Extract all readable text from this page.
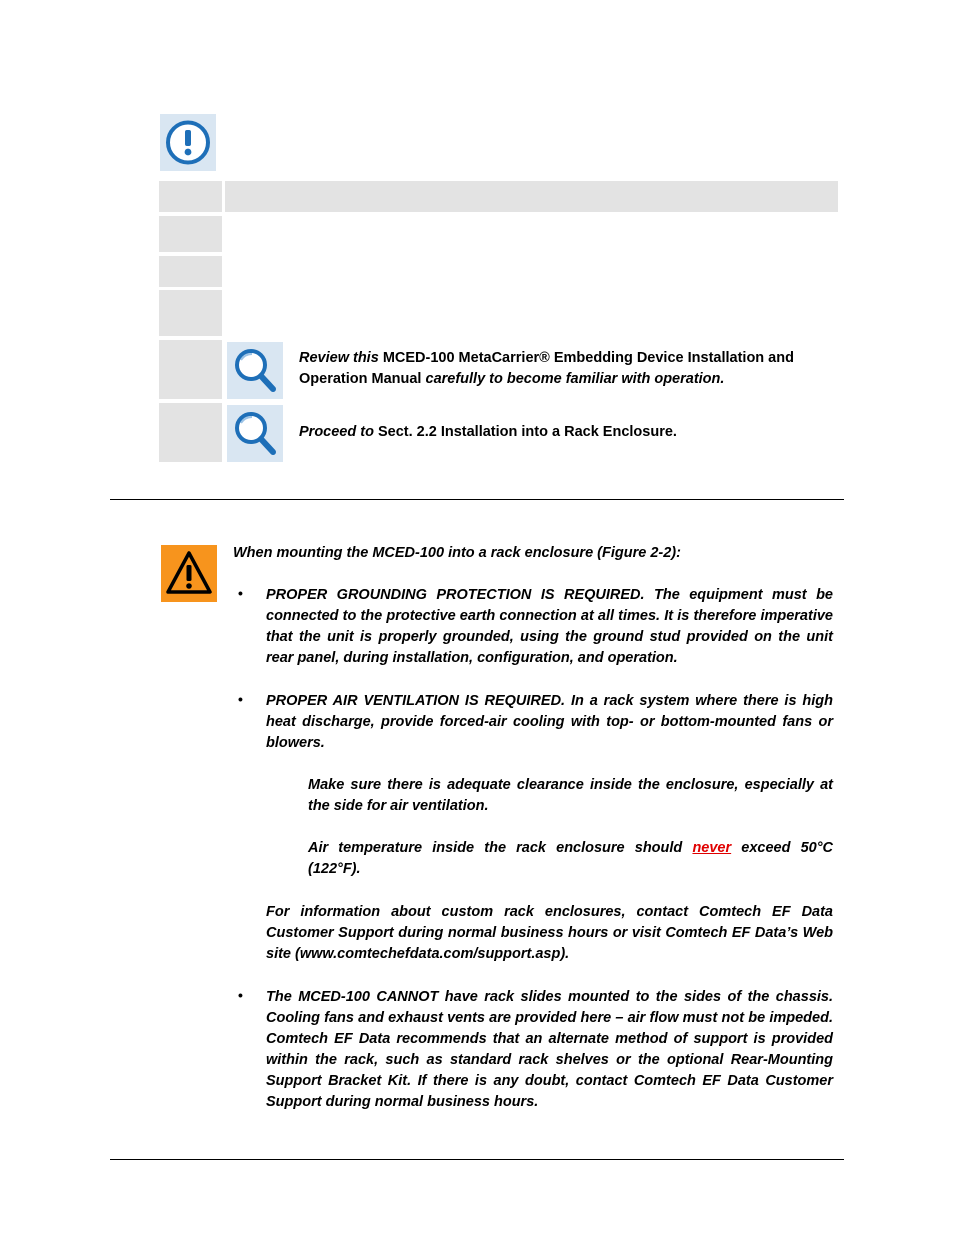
Review this MCED-100 MetaCarrier® Embedding Device Installation and Operation Manual carefully to become familiar with operation.
Proceed to Sect. 2.2 Installation into a Rack Enclosure.
When mounting the MCED-100 into a rack enclosure (Figure 2-2):
• PROPER GROUNDING PROTECTION IS REQUIRED. The equipment must be connected to the protective earth connection at all times. It is therefore imperative that the unit is properly grounded, using the ground stud provided on the unit rear panel, during installation, configuration, and operation.
• PROPER AIR VENTILATION IS REQUIRED. In a rack system where there is high heat discharge, provide forced-air cooling with top- or bottom-mounted fans or blowers.
Make sure there is adequate clearance inside the enclosure, especially at the side for air ventilation.
Air temperature inside the rack enclosure should never exceed 50°C (122°F).
For information about custom rack enclosures, contact Comtech EF Data Customer Support during normal business hours or visit Comtech EF Data’s Web site (www.comtechefdata.com/support.asp).
• The MCED-100 CANNOT have rack slides mounted to the sides of the chassis. Cooling fans and exhaust vents are provided here – air flow must not be impeded. Comtech EF Data recommends that an alternate method of support is provided within the rack, such as standard rack shelves or the optional Rear-Mounting Support Bracket Kit. If there is any doubt, contact Comtech EF Data Customer Support during normal business hours.
